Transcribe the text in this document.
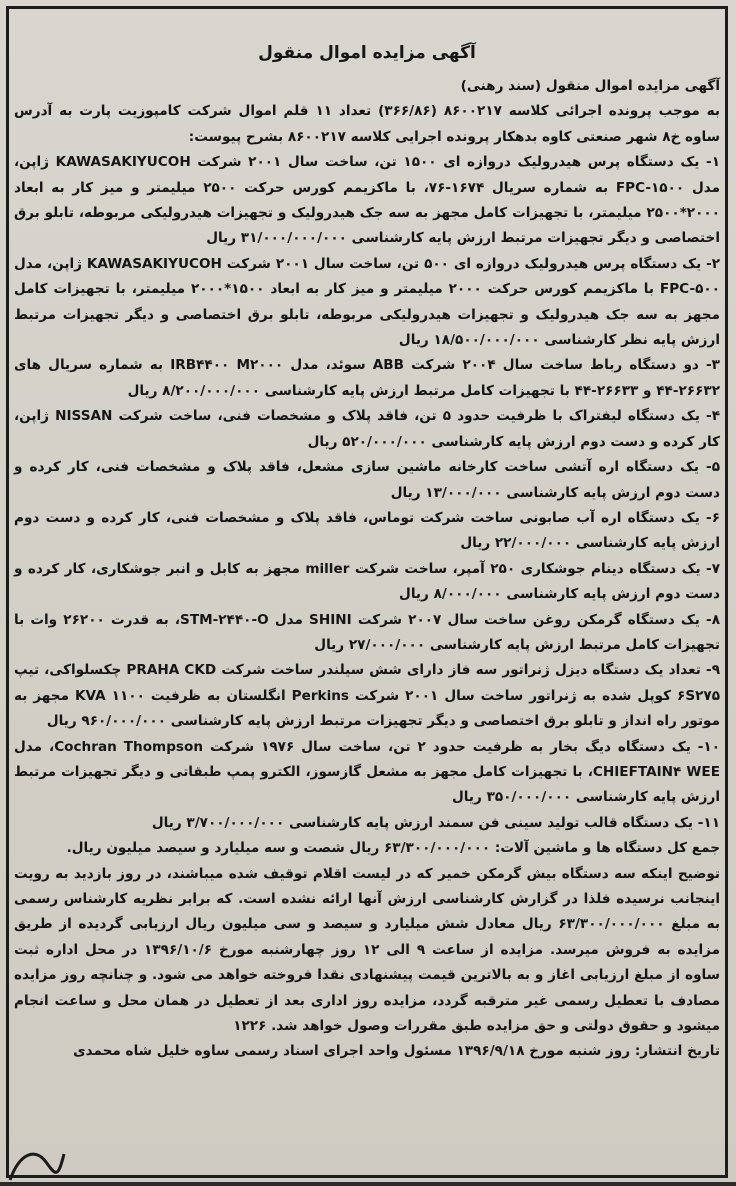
آگهی مزایده اموال منقول

آگهی مزایده اموال منقول (سند رهنی)

به موجب پرونده اجرائی کلاسه ۸۶۰۰۲۱۷ (۳۶۶/۸۶) تعداد ۱۱ قلم اموال شرکت کامپوزیت پارت به آدرس ساوه خ۸ شهر صنعتی کاوه بدهکار پرونده اجرایی کلاسه ۸۶۰۰۲۱۷ بشرح پیوست:

۱- یک دستگاه پرس هیدرولیک دروازه ای ۱۵۰۰ تن، ساخت سال ۲۰۰۱ شرکت KAWASAKIYUCOH ژاپن، مدل FPC-۱۵۰۰ به شماره سریال ۱۶۷۴-۷۶، با ماکزیمم کورس حرکت ۲۵۰۰ میلیمتر و میز کار به ابعاد ۲۰۰۰*۲۵۰۰ میلیمتر، با تجهیزات کامل مجهز به سه جک هیدرولیک و تجهیزات هیدرولیکی مربوطه، تابلو برق اختصاصی و دیگر تجهیزات مرتبط ارزش پایه کارشناسی ۳۱/۰۰۰/۰۰۰/۰۰۰ ریال

۲- یک دستگاه پرس هیدرولیک دروازه ای ۵۰۰ تن، ساخت سال ۲۰۰۱ شرکت KAWASAKIYUCOH ژاپن، مدل FPC-۵۰۰ با ماکزیمم کورس حرکت ۲۰۰۰ میلیمتر و میز کار به ابعاد ۱۵۰۰*۲۰۰۰ میلیمتر، با تجهیزات کامل مجهز به سه جک هیدرولیک و تجهیزات هیدرولیکی مربوطه، تابلو برق اختصاصی و دیگر تجهیزات مرتبط ارزش پایه نظر کارشناسی ۱۸/۵۰۰/۰۰۰/۰۰۰ ریال

۳- دو دستگاه رباط ساخت سال ۲۰۰۴ شرکت ABB سوئد، مدل IRB۴۴۰۰ M۲۰۰۰ به شماره سریال های ۲۶۶۳۲-۴۴ و ۲۶۶۳۳-۴۴ با تجهیزات کامل مرتبط ارزش پایه کارشناسی ۸/۲۰۰/۰۰۰/۰۰۰ ریال

۴- یک دستگاه لیفتراک با ظرفیت حدود ۵ تن، فاقد پلاک و مشخصات فنی، ساخت شرکت NISSAN ژاپن، کار کرده و دست دوم ارزش پایه کارشناسی ۵۲۰/۰۰۰/۰۰۰ ریال

۵- یک دستگاه اره آتشی ساخت کارخانه ماشین سازی مشعل، فاقد پلاک و مشخصات فنی، کار کرده و دست دوم ارزش پایه کارشناسی ۱۳/۰۰۰/۰۰۰ ریال

۶- یک دستگاه اره آب صابونی ساخت شرکت توماس، فاقد پلاک و مشخصات فنی، کار کرده و دست دوم ارزش پایه کارشناسی ۲۲/۰۰۰/۰۰۰ ریال

۷- یک دستگاه دینام جوشکاری ۲۵۰ آمپر، ساخت شرکت miller مجهز به کابل و انبر جوشکاری، کار کرده و دست دوم ارزش پایه کارشناسی ۸/۰۰۰/۰۰۰ ریال

۸- یک دستگاه گرمکن روغن ساخت سال ۲۰۰۷ شرکت SHINI مدل STM-۲۴۴۰-O، به قدرت ۲۶۲۰۰ وات با تجهیزات کامل مرتبط ارزش پایه کارشناسی ۲۷/۰۰۰/۰۰۰ ریال

۹- تعداد یک دستگاه دیزل ژنراتور سه فاز دارای شش سیلندر ساخت شرکت PRAHA CKD چکسلواکی، تیپ ۶S۲۷۵ کوپل شده به ژنراتور ساخت سال ۲۰۰۱ شرکت Perkins انگلستان به ظرفیت ۱۱۰۰ KVA مجهز به موتور راه انداز و تابلو برق اختصاصی و دیگر تجهیزات مرتبط ارزش پایه کارشناسی ۹۶۰/۰۰۰/۰۰۰ ریال

۱۰- یک دستگاه دیگ بخار به ظرفیت حدود ۲ تن، ساخت سال ۱۹۷۶ شرکت Cochran Thompson، مدل CHIEFTAIN۴ WEE، با تجهیزات کامل مجهز به مشعل گازسوز، الکترو پمپ طبقاتی و دیگر تجهیزات مرتبط ارزش پایه کارشناسی ۳۵۰/۰۰۰/۰۰۰ ریال

۱۱- یک دستگاه قالب تولید سینی فن سمند ارزش پایه کارشناسی ۳/۷۰۰/۰۰۰/۰۰۰ ریال

جمع کل دستگاه ها و ماشین آلات: ۶۳/۳۰۰/۰۰۰/۰۰۰ ریال شصت و سه میلیارد و سیصد میلیون ریال.

توضیح اینکه سه دستگاه بیش گرمکن خمیر که در لیست اقلام توقیف شده میباشند، در روز بازدید به رویت اینجانب نرسیده فلذا در گزارش کارشناسی ارزش آنها ارائه نشده است. که برابر نظریه کارشناس رسمی به مبلغ ۶۳/۳۰۰/۰۰۰/۰۰۰ ریال معادل شش میلیارد و سیصد و سی میلیون ریال ارزیابی گردیده از طریق مزایده به فروش میرسد. مزایده از ساعت ۹ الی ۱۲ روز چهارشنبه مورخ ۱۳۹۶/۱۰/۶ در محل اداره ثبت ساوه از مبلغ ارزیابی اغاز و به بالاترین قیمت پیشنهادی نقدا فروخته خواهد می شود. و چنانچه روز مزایده مصادف با تعطیل رسمی غیر مترقبه گردد، مزایده روز اداری بعد از تعطیل در همان محل و ساعت انجام میشود و حقوق دولتی و حق مزایده طبق مقررات وصول خواهد شد. ۱۲۲۶

تاریخ انتشار: روز شنبه مورخ ۱۳۹۶/۹/۱۸ مسئول واحد اجرای اسناد رسمی ساوه خلیل شاه محمدی
